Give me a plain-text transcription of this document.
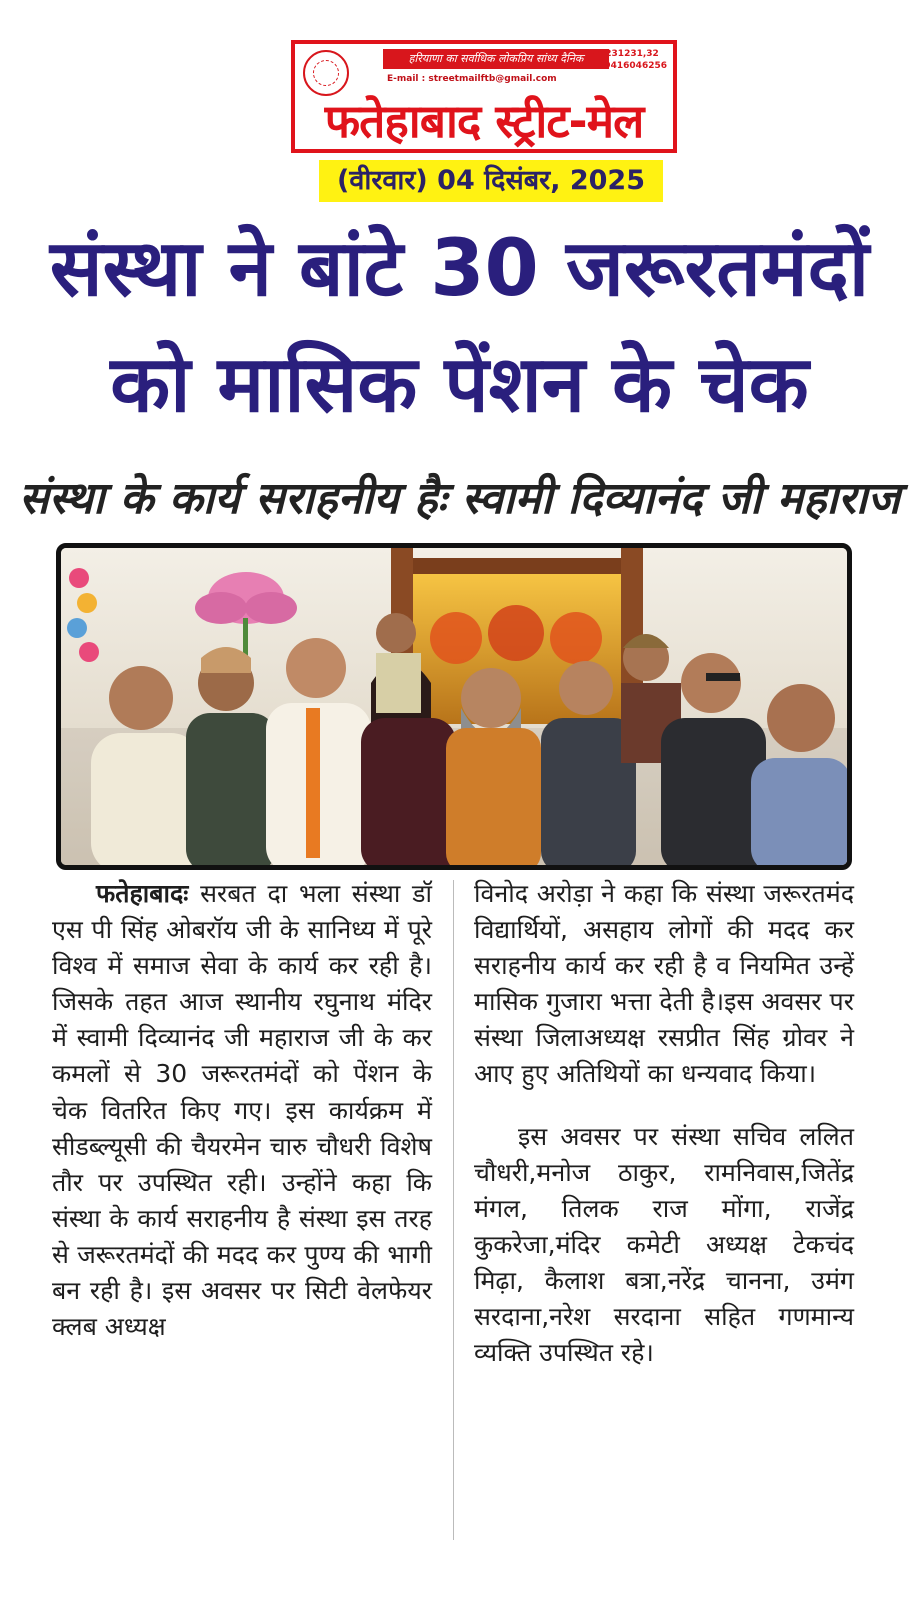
हरियाणा का सर्वाधिक लोकप्रिय सांध्य दैनिक Ph.231231,32
M. 9416046256
E-mail : streetmailftb@gmail.com
फतेहाबाद स्ट्रीट-मेल
(वीरवार) 04 दिसंबर, 2025
संस्था ने बांटे 30 जरूरतमंदों
को मासिक पेंशन के चेक
संस्था के कार्य सराहनीय हैः स्वामी दिव्यानंद जी महाराज

फतेहाबादः सरबत दा भला संस्था डॉ एस पी सिंह ओबरॉय जी के सानिध्य में पूरे विश्व में समाज सेवा के कार्य कर रही है। जिसके तहत आज स्थानीय रघुनाथ मंदिर में स्वामी दिव्यानंद जी महाराज जी के कर कमलों से 30 जरूरतमंदों को पेंशन के चेक वितरित किए गए। इस कार्यक्रम में सीडब्ल्यूसी की चैयरमेन चारु चौधरी विशेष तौर पर उपस्थित रही। उन्होंने कहा कि संस्था के कार्य सराहनीय है संस्था इस तरह से जरूरतमंदों की मदद कर पुण्य की भागी बन रही है। इस अवसर पर सिटी वेलफेयर क्लब अध्यक्ष

विनोद अरोड़ा ने कहा कि संस्था जरूरतमंद विद्यार्थियों, असहाय लोगों की मदद कर सराहनीय कार्य कर रही है व नियमित उन्हें मासिक गुजारा भत्ता देती है।इस अवसर पर संस्था जिलाअध्यक्ष रसप्रीत सिंह ग्रोवर ने आए हुए अतिथियों का धन्यवाद किया।

इस अवसर पर संस्था सचिव ललित चौधरी,मनोज ठाकुर, रामनिवास,जितेंद्र मंगल, तिलक राज मोंगा, राजेंद्र कुकरेजा,मंदिर कमेटी अध्यक्ष टेकचंद मिढ़ा, कैलाश बत्रा,नरेंद्र चानना, उमंग सरदाना,नरेश सरदाना सहित गणमान्य व्यक्ति उपस्थित रहे।
